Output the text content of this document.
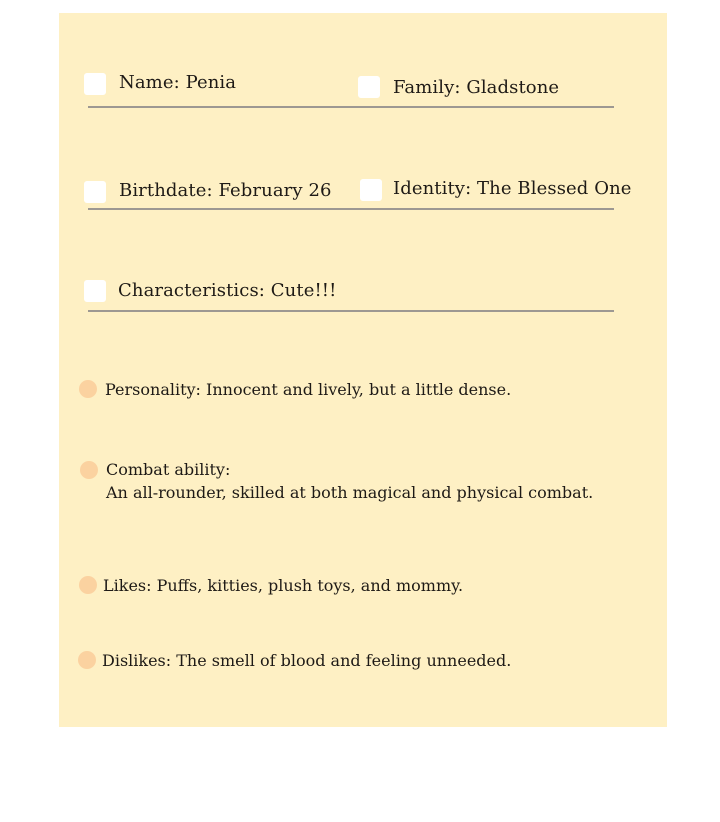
Name: Penia	Family: Gladstone
Birthdate: February 26	Identity: The Blessed One
Characteristics: Cute!!!
Personality: Innocent and lively, but a little dense.
Combat ability:
An all-rounder, skilled at both magical and physical combat.
Likes: Puffs, kitties, plush toys, and mommy.
Dislikes: The smell of blood and feeling unneeded.
